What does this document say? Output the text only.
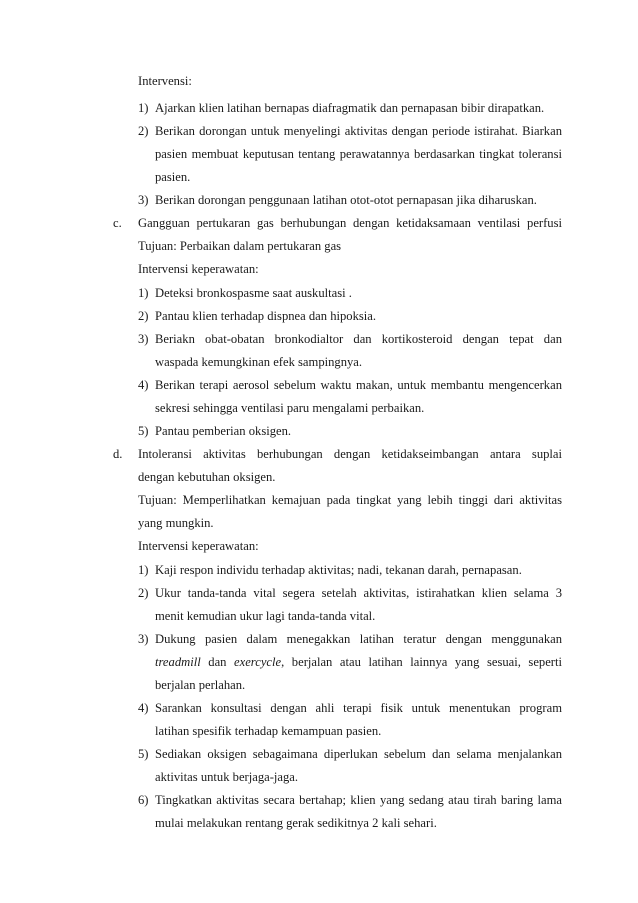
Intervensi:
1) Ajarkan klien latihan bernapas diafragmatik dan pernapasan bibir dirapatkan.
2) Berikan dorongan untuk menyelingi aktivitas dengan periode istirahat. Biarkan
pasien membuat keputusan tentang perawatannya berdasarkan tingkat toleransi
pasien.
3) Berikan dorongan penggunaan latihan otot-otot pernapasan jika diharuskan.
c. Gangguan pertukaran gas berhubungan dengan ketidaksamaan ventilasi perfusi
Tujuan: Perbaikan dalam pertukaran gas
Intervensi keperawatan:
1) Deteksi bronkospasme saat auskultasi .
2) Pantau klien terhadap dispnea dan hipoksia.
3) Beriakn obat-obatan bronkodialtor dan kortikosteroid dengan tepat dan
waspada kemungkinan efek sampingnya.
4) Berikan terapi aerosol sebelum waktu makan, untuk membantu mengencerkan
sekresi sehingga ventilasi paru mengalami perbaikan.
5) Pantau pemberian oksigen.
d. Intoleransi aktivitas berhubungan dengan ketidakseimbangan antara suplai
dengan kebutuhan oksigen.
Tujuan: Memperlihatkan kemajuan pada tingkat yang lebih tinggi dari aktivitas
yang mungkin.
Intervensi keperawatan:
1) Kaji respon individu terhadap aktivitas; nadi, tekanan darah, pernapasan.
2) Ukur tanda-tanda vital segera setelah aktivitas, istirahatkan klien selama 3
menit kemudian ukur lagi tanda-tanda vital.
3) Dukung pasien dalam menegakkan latihan teratur dengan menggunakan
treadmill dan exercycle, berjalan atau latihan lainnya yang sesuai, seperti
berjalan perlahan.
4) Sarankan konsultasi dengan ahli terapi fisik untuk menentukan program
latihan spesifik terhadap kemampuan pasien.
5) Sediakan oksigen sebagaimana diperlukan sebelum dan selama menjalankan
aktivitas untuk berjaga-jaga.
6) Tingkatkan aktivitas secara bertahap; klien yang sedang atau tirah baring lama
mulai melakukan rentang gerak sedikitnya 2 kali sehari.
